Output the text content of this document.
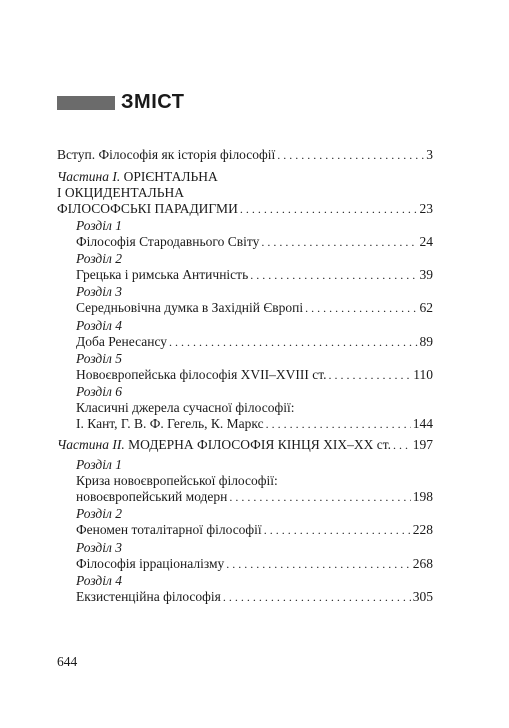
ЗМІСТ
Вступ. Філософія як історія філософії . . .	3
Частина І. ОРІЄНТАЛЬНА
І ОКЦИДЕНТАЛЬНА
ФІЛОСОФСЬКІ ПАРАДИГМИ . . .	23
Розділ 1
Філософія Стародавнього Світу . . .	24
Розділ 2
Грецька і римська Античність . . .	39
Розділ 3
Середньовічна думка в Західній Європі . . .	62
Розділ 4
Доба Ренесансу . . .	89
Розділ 5
Новоєвропейська філософія XVII–XVIII ст. . . .	110
Розділ 6
Класичні джерела сучасної філософії:
І. Кант, Г. В. Ф. Гегель, К. Маркс . . .	144
Частина ІІ. МОДЕРНА ФІЛОСОФІЯ КІНЦЯ ХІХ–ХХ ст. . . . 197
Розділ 1
Криза новоєвропейської філософії:
новоєвропейський модерн . . .	198
Розділ 2
Феномен тоталітарної філософії . . .	228
Розділ 3
Філософія ірраціоналізму . . .	268
Розділ 4
Екзистенційна філософія . . .	305
644
